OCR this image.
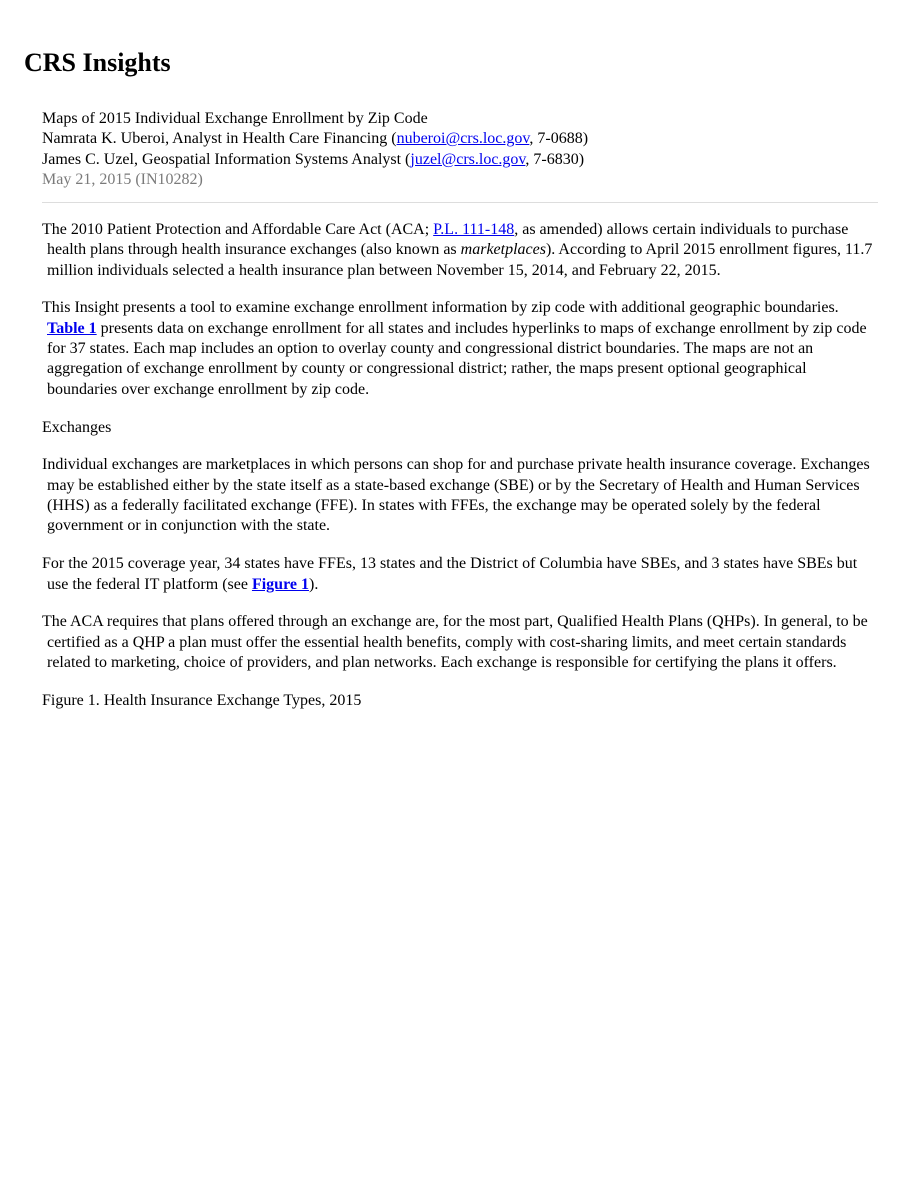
CRS Insights
Maps of 2015 Individual Exchange Enrollment by Zip Code
Namrata K. Uberoi, Analyst in Health Care Financing (nuberoi@crs.loc.gov, 7-0688)
James C. Uzel, Geospatial Information Systems Analyst (juzel@crs.loc.gov, 7-6830)
May 21, 2015 (IN10282)

The 2010 Patient Protection and Affordable Care Act (ACA; P.L. 111-148, as amended) allows certain individuals to purchase health plans through health insurance exchanges (also known as marketplaces). According to April 2015 enrollment figures, 11.7 million individuals selected a health insurance plan between November 15, 2014, and February 22, 2015.

This Insight presents a tool to examine exchange enrollment information by zip code with additional geographic boundaries. Table 1 presents data on exchange enrollment for all states and includes hyperlinks to maps of exchange enrollment by zip code for 37 states. Each map includes an option to overlay county and congressional district boundaries. The maps are not an aggregation of exchange enrollment by county or congressional district; rather, the maps present optional geographical boundaries over exchange enrollment by zip code.

Exchanges

Individual exchanges are marketplaces in which persons can shop for and purchase private health insurance coverage. Exchanges may be established either by the state itself as a state-based exchange (SBE) or by the Secretary of Health and Human Services (HHS) as a federally facilitated exchange (FFE). In states with FFEs, the exchange may be operated solely by the federal government or in conjunction with the state.

For the 2015 coverage year, 34 states have FFEs, 13 states and the District of Columbia have SBEs, and 3 states have SBEs but use the federal IT platform (see Figure 1).

The ACA requires that plans offered through an exchange are, for the most part, Qualified Health Plans (QHPs). In general, to be certified as a QHP a plan must offer the essential health benefits, comply with cost-sharing limits, and meet certain standards related to marketing, choice of providers, and plan networks. Each exchange is responsible for certifying the plans it offers.

Figure 1. Health Insurance Exchange Types, 2015
